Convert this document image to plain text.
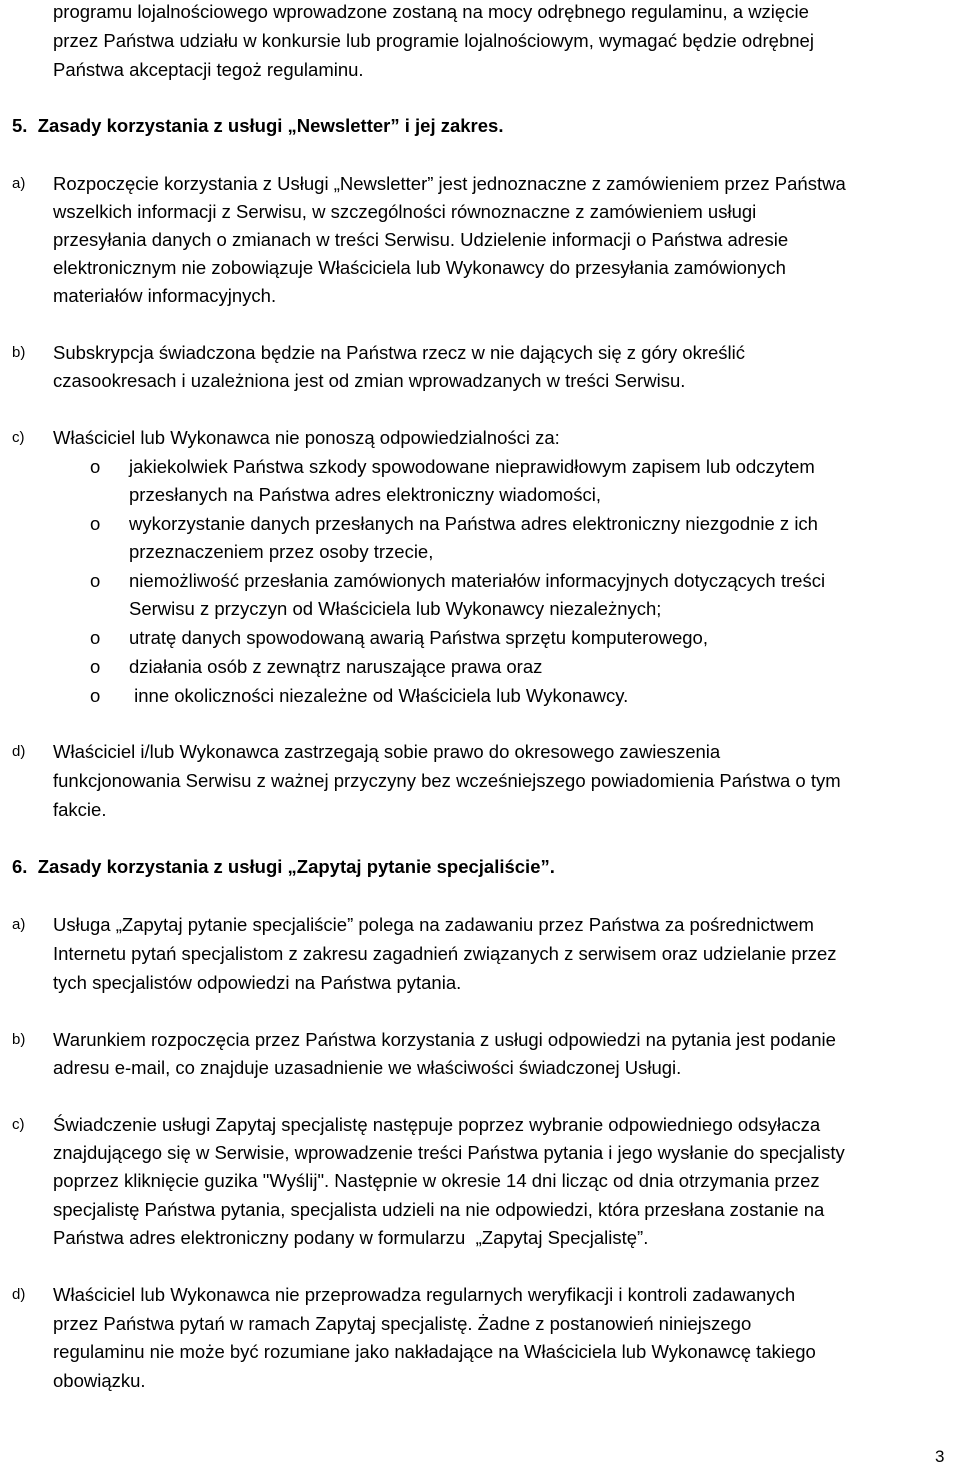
programu lojalnościowego wprowadzone zostaną na mocy odrębnego regulaminu, a wzięcie
przez Państwa udziału w konkursie lub programie lojalnościowym, wymagać będzie odrębnej
Państwa akceptacji tegoż regulaminu.
5.  Zasady korzystania z usługi „Newsletter” i jej zakres.
a) Rozpoczęcie korzystania z Usługi „Newsletter” jest jednoznaczne z zamówieniem przez Państwa
wszelkich informacji z Serwisu, w szczególności równoznaczne z zamówieniem usługi
przesyłania danych o zmianach w treści Serwisu. Udzielenie informacji o Państwa adresie
elektronicznym nie zobowiązuje Właściciela lub Wykonawcy do przesyłania zamówionych
materiałów informacyjnych.
b) Subskrypcja świadczona będzie na Państwa rzecz w nie dających się z góry określić
czasookresach i uzależniona jest od zmian wprowadzanych w treści Serwisu.
c) Właściciel lub Wykonawca nie ponoszą odpowiedzialności za:
o jakiekolwiek Państwa szkody spowodowane nieprawidłowym zapisem lub odczytem
przesłanych na Państwa adres elektroniczny wiadomości,
o wykorzystanie danych przesłanych na Państwa adres elektroniczny niezgodnie z ich
przeznaczeniem przez osoby trzecie,
o niemożliwość przesłania zamówionych materiałów informacyjnych dotyczących treści
Serwisu z przyczyn od Właściciela lub Wykonawcy niezależnych;
o utratę danych spowodowaną awarią Państwa sprzętu komputerowego,
o działania osób z zewnątrz naruszające prawa oraz
o inne okoliczności niezależne od Właściciela lub Wykonawcy.
d) Właściciel i/lub Wykonawca zastrzegają sobie prawo do okresowego zawieszenia
funkcjonowania Serwisu z ważnej przyczyny bez wcześniejszego powiadomienia Państwa o tym
fakcie.
6.  Zasady korzystania z usługi „Zapytaj pytanie specjaliście”.
a) Usługa „Zapytaj pytanie specjaliście” polega na zadawaniu przez Państwa za pośrednictwem
Internetu pytań specjalistom z zakresu zagadnień związanych z serwisem oraz udzielanie przez
tych specjalistów odpowiedzi na Państwa pytania.
b) Warunkiem rozpoczęcia przez Państwa korzystania z usługi odpowiedzi na pytania jest podanie
adresu e-mail, co znajduje uzasadnienie we właściwości świadczonej Usługi.
c) Świadczenie usługi Zapytaj specjalistę następuje poprzez wybranie odpowiedniego odsyłacza
znajdującego się w Serwisie, wprowadzenie treści Państwa pytania i jego wysłanie do specjalisty
poprzez kliknięcie guzika "Wyślij". Następnie w okresie 14 dni licząc od dnia otrzymania przez
specjalistę Państwa pytania, specjalista udzieli na nie odpowiedzi, która przesłana zostanie na
Państwa adres elektroniczny podany w formularzu  „Zapytaj Specjalistę”.
d) Właściciel lub Wykonawca nie przeprowadza regularnych weryfikacji i kontroli zadawanych
przez Państwa pytań w ramach Zapytaj specjalistę. Żadne z postanowień niniejszego
regulaminu nie może być rozumiane jako nakładające na Właściciela lub Wykonawcę takiego
obowiązku.
3
